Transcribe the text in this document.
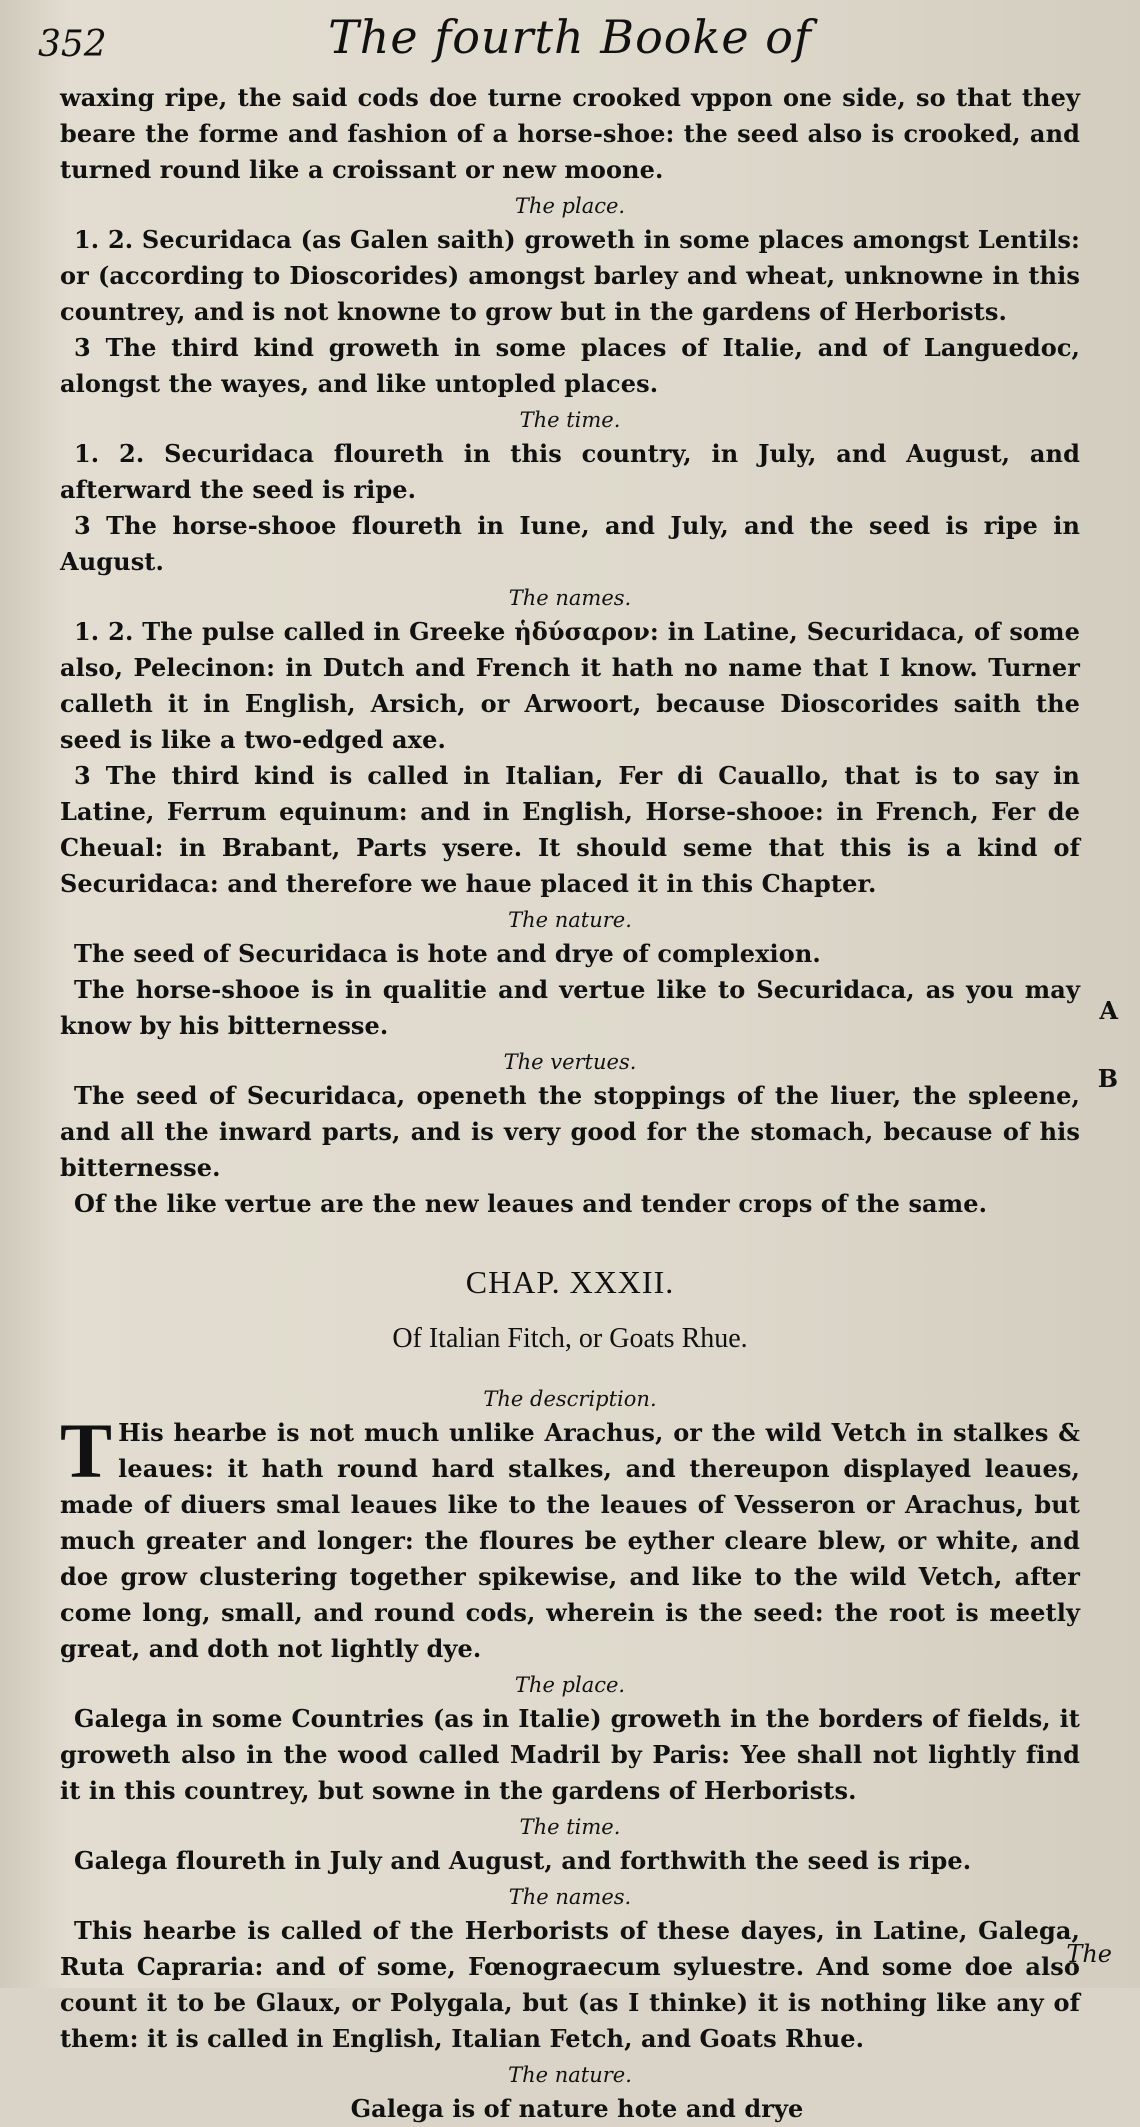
352	The fourth Booke of

waxing ripe, the said cods doe turne crooked vppon one side, so that they beare the forme and fashion of a horse-shoe: the seed also is crooked, and turned round like a croissant or new moone.

The place.

1. 2. Securidaca (as Galen saith) groweth in some places amongst Lentils: or (according to Dioscorides) amongst barley and wheat, unknowne in this countrey, and is not knowne to grow but in the gardens of Herborists.

3 The third kind groweth in some places of Italie, and of Languedoc, alongst the wayes, and like untopled places.

The time.

1. 2. Securidaca floureth in this country, in July, and August, and afterward the seed is ripe.

3 The horse-shooe floureth in Iune, and July, and the seed is ripe in August.

The names.

1. 2. The pulse called in Greeke ἡδύσαρον: in Latine, Securidaca, of some also, Pelecinon: in Dutch and French it hath no name that I know. Turner calleth it in English, Arsich, or Arwoort, because Dioscorides saith the seed is like a two-edged axe.

3 The third kind is called in Italian, Fer di Cauallo, that is to say in Latine, Ferrum equinum: and in English, Horse-shooe: in French, Fer de Cheual: in Brabant, Parts ysere. It should seme that this is a kind of Securidaca: and therefore we haue placed it in this Chapter.

The nature.

The seed of Securidaca is hote and drye of complexion.

The horse-shooe is in qualitie and vertue like to Securidaca, as you may know by his bitternesse.

The vertues.

The seed of Securidaca, openeth the stoppings of the liuer, the spleene, and all the inward parts, and is very good for the stomach, because of his bitternesse.

Of the like vertue are the new leaues and tender crops of the same.

A
B
CHAP. XXXII.
Of Italian Fitch, or Goats Rhue.
The description.

T His hearbe is not much unlike Arachus, or the wild Vetch in stalkes & leaues: it hath round hard stalkes, and thereupon displayed leaues, made of diuers smal leaues like to the leaues of Vesseron or Arachus, but much greater and longer: the floures be eyther cleare blew, or white, and doe grow clustering together spikewise, and like to the wild Vetch, after come long, small, and round cods, wherein is the seed: the root is meetly great, and doth not lightly dye.

The place.

Galega in some Countries (as in Italie) groweth in the borders of fields, it groweth also in the wood called Madril by Paris: Yee shall not lightly find it in this countrey, but sowne in the gardens of Herborists.

The time.

Galega floureth in July and August, and forthwith the seed is ripe.

The names.

This hearbe is called of the Herborists of these dayes, in Latine, Galega, Ruta Capraria: and of some, Fœnograecum syluestre. And some doe also count it to be Glaux, or Polygala, but (as I thinke) it is nothing like any of them: it is called in English, Italian Fetch, and Goats Rhue.

The nature.

Galega is of nature hote and drye

The
